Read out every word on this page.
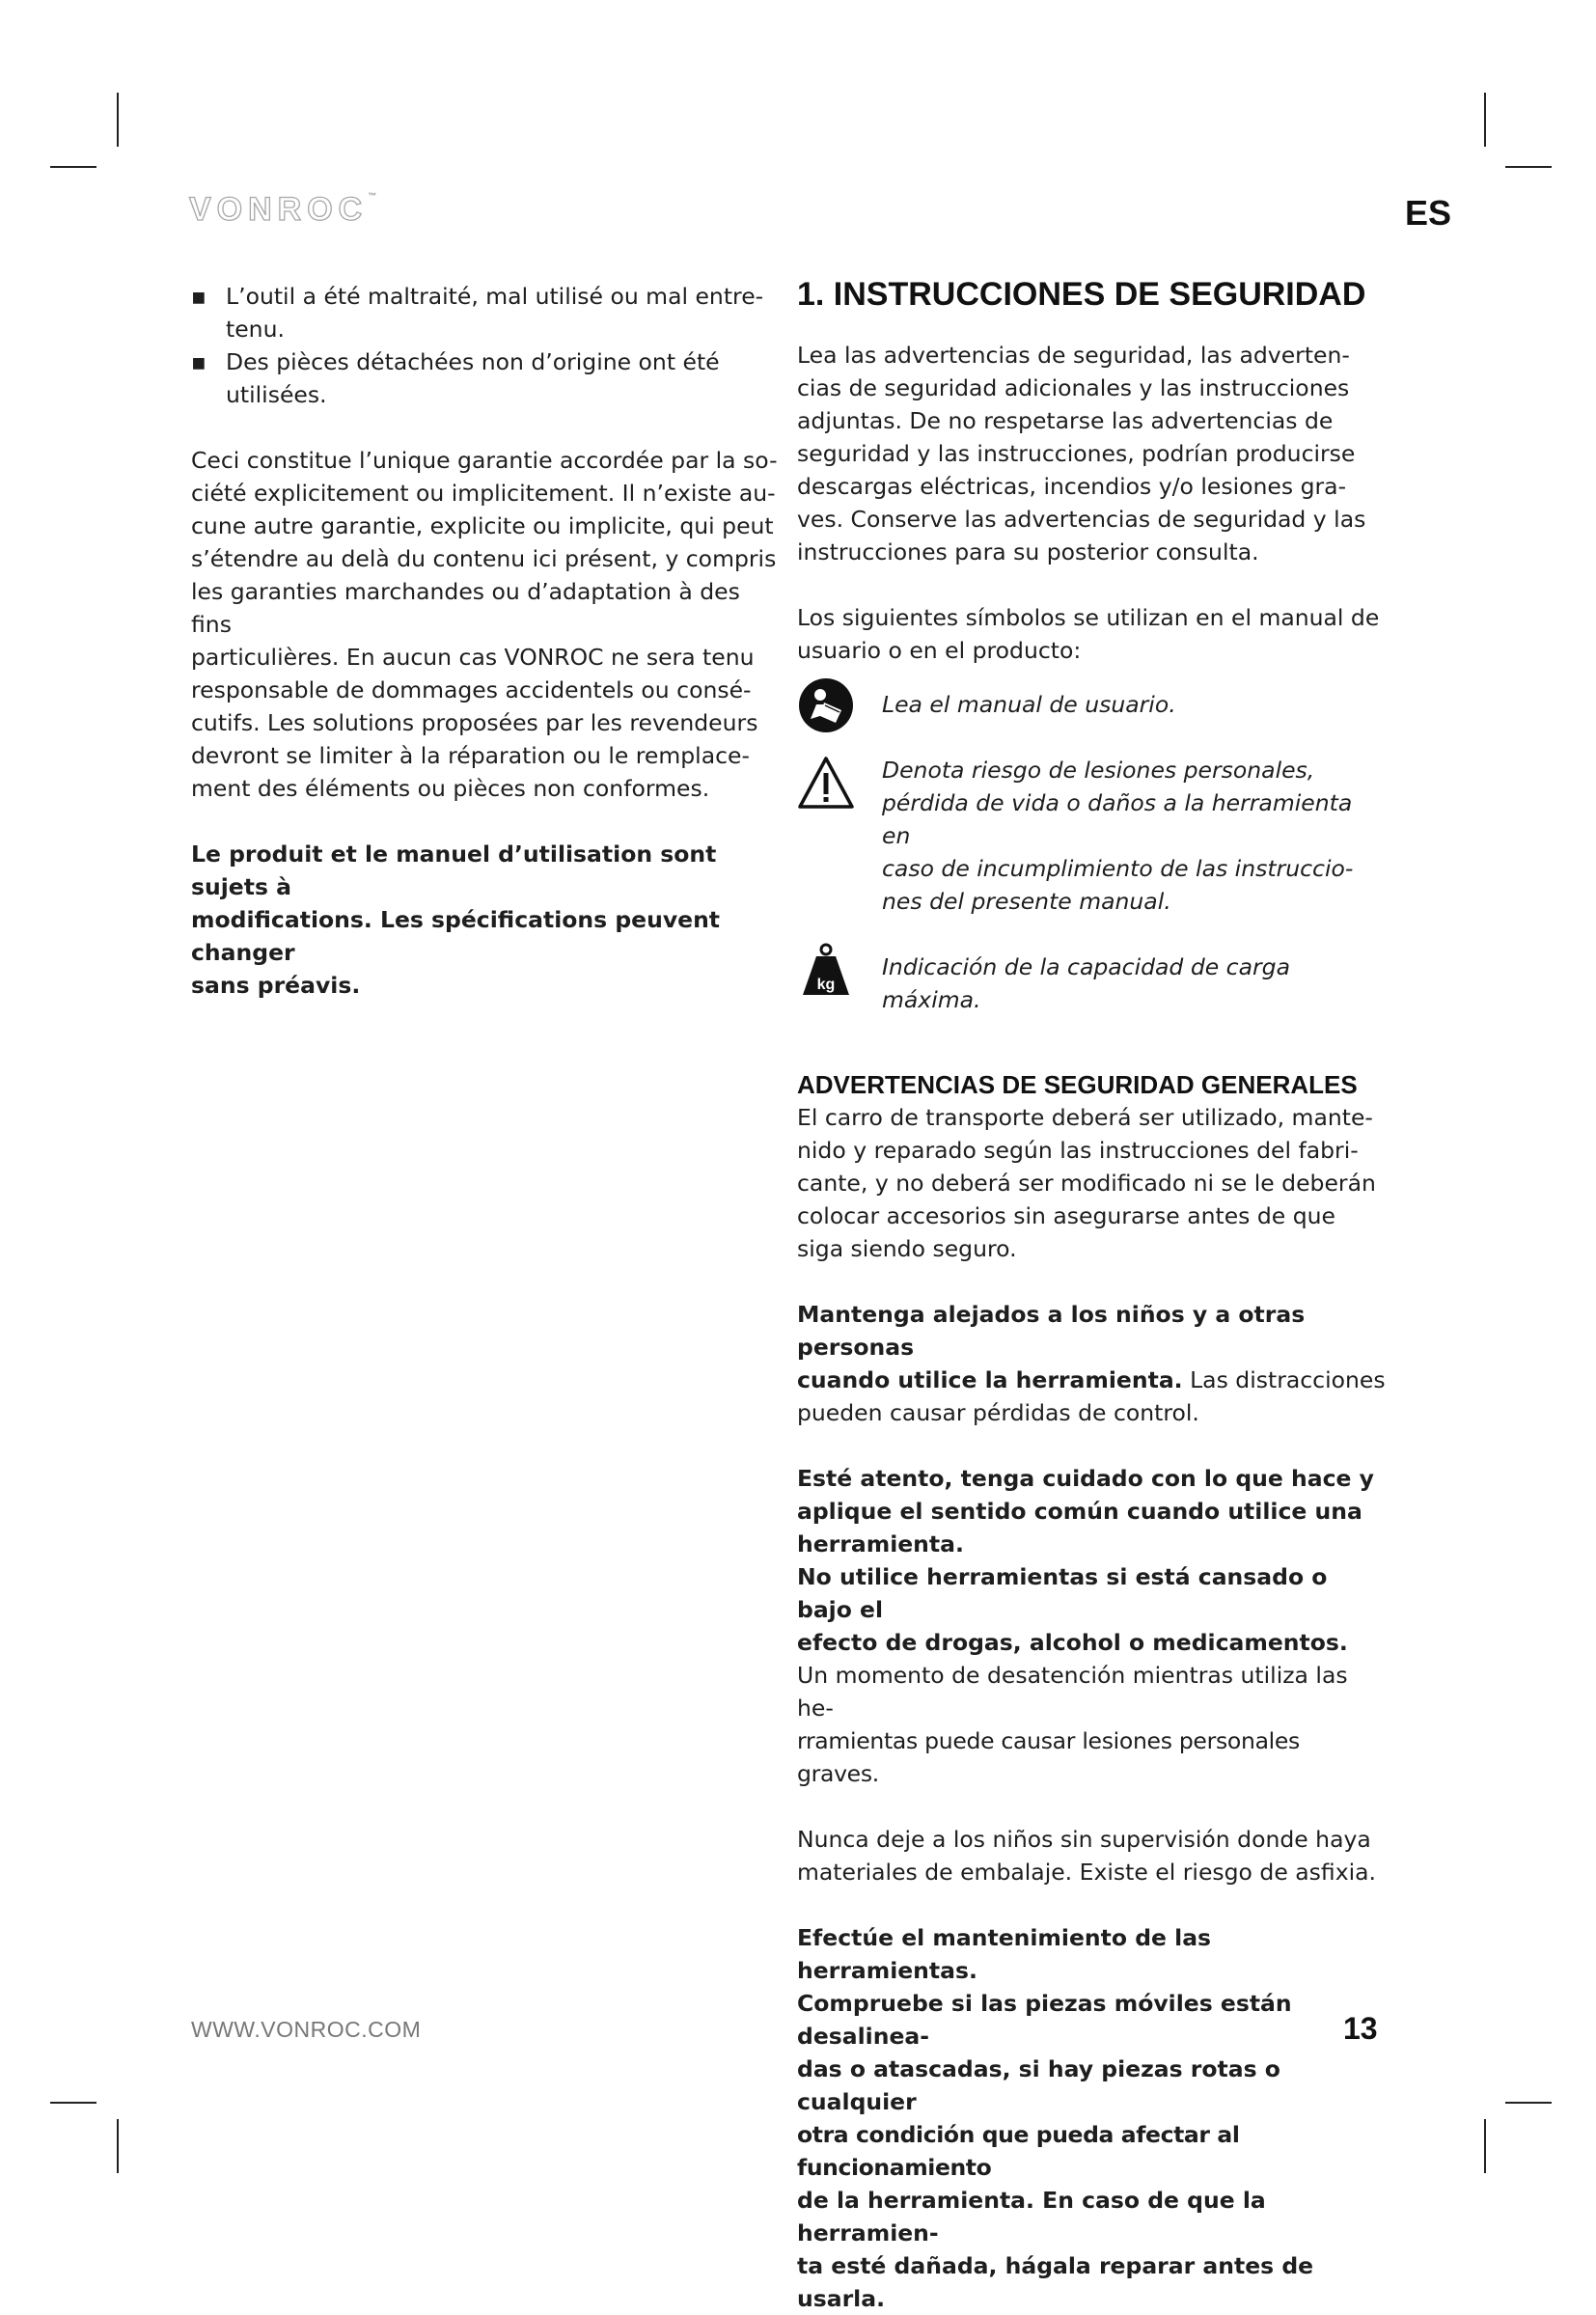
VONROC™	ES
▪ L’outil a été maltraité, mal utilisé ou mal entre-

tenu.

▪ Des pièces détachées non d’origine ont été

utilisées.

Ceci constitue l’unique garantie accordée par la so-

ciété explicitement ou implicitement. Il n’existe au-

cune autre garantie, explicite ou implicite, qui peut

s’étendre au delà du contenu ici présent, y compris

les garanties marchandes ou d’adaptation à des fins

particulières. En aucun cas VONROC ne sera tenu

responsable de dommages accidentels ou consé-

cutifs. Les solutions proposées par les revendeurs

devront se limiter à la réparation ou le remplace-

ment des éléments ou pièces non conformes.

Le produit et le manuel d’utilisation sont sujets à

modifications. Les spécifications peuvent changer

sans préavis.

1. INSTRUCCIONES DE SEGURIDAD

Lea las advertencias de seguridad, las adverten-

cias de seguridad adicionales y las instrucciones

adjuntas. De no respetarse las advertencias de

seguridad y las instrucciones, podrían producirse

descargas eléctricas, incendios y/o lesiones gra-

ves. Conserve las advertencias de seguridad y las

instrucciones para su posterior consulta.

Los siguientes símbolos se utilizan en el manual de

usuario o en el producto:

Lea el manual de usuario.

Denota riesgo de lesiones personales,

pérdida de vida o daños a la herramienta en

caso de incumplimiento de las instruccio-

nes del presente manual.

kg

Indicación de la capacidad de carga máxima.

ADVERTENCIAS DE SEGURIDAD GENERALES

El carro de transporte deberá ser utilizado, mante-

nido y reparado según las instrucciones del fabri-

cante, y no deberá ser modificado ni se le deberán

colocar accesorios sin asegurarse antes de que

siga siendo seguro.

Mantenga alejados a los niños y a otras personas

cuando utilice la herramienta. Las distracciones

pueden causar pérdidas de control.

Esté atento, tenga cuidado con lo que hace y

aplique el sentido común cuando utilice una

herramienta.

No utilice herramientas si está cansado o bajo el

efecto de drogas, alcohol o medicamentos.

Un momento de desatención mientras utiliza las he-

rramientas puede causar lesiones personales graves.

Nunca deje a los niños sin supervisión donde haya

materiales de embalaje. Existe el riesgo de asfixia.

Efectúe el mantenimiento de las herramientas.

Compruebe si las piezas móviles están desalinea-

das o atascadas, si hay piezas rotas o cualquier

otra condición que pueda afectar al funcionamiento

de la herramienta. En caso de que la herramien-

ta esté dañada, hágala reparar antes de usarla.

WWW.VONROC.COM	13
